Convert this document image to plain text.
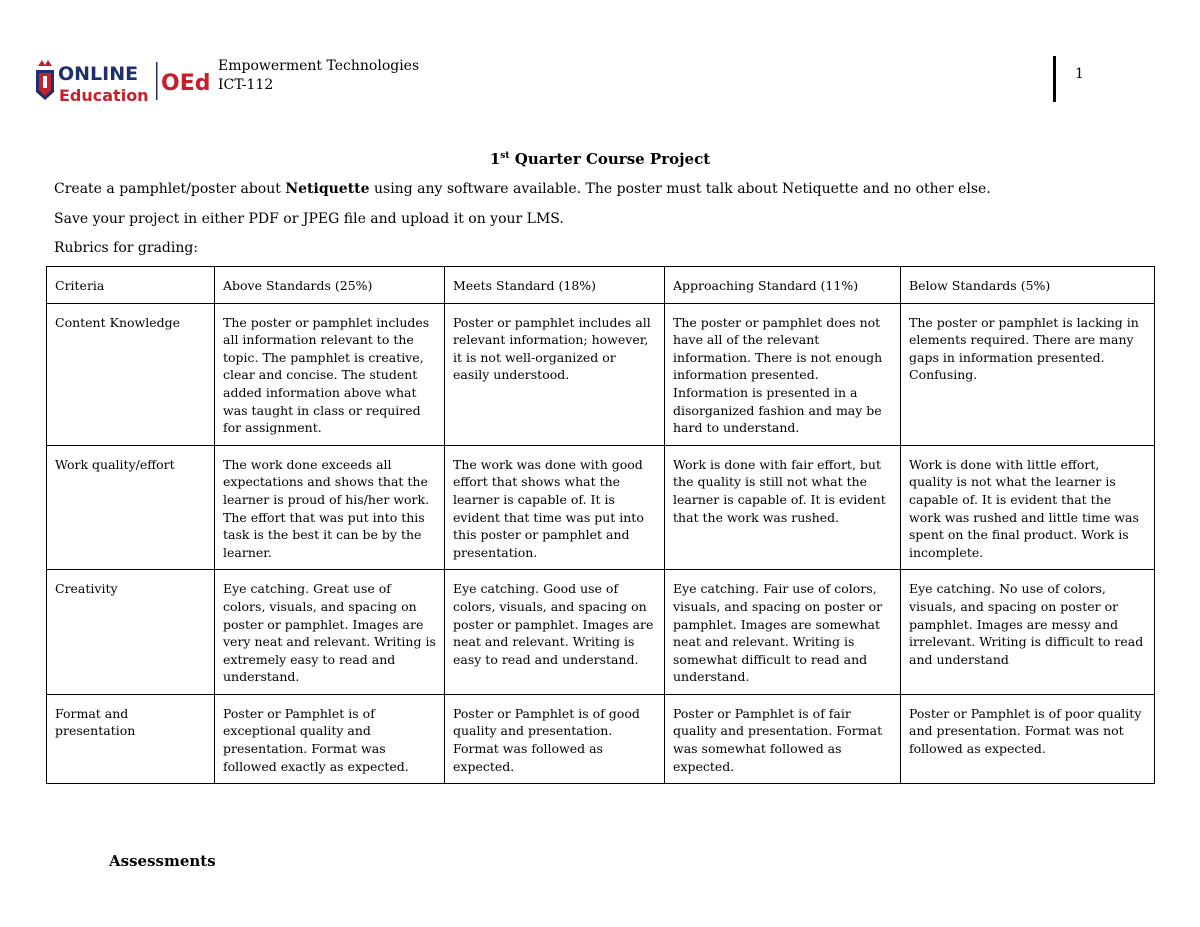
ONLINE
Education OEd
Empowerment Technologies
ICT-112
1
1st Quarter Course Project
Create a pamphlet/poster about Netiquette using any software available. The poster must talk about Netiquette and no other else.
Save your project in either PDF or JPEG file and upload it on your LMS.
Rubrics for grading:
Criteria	Above Standards (25%)	Meets Standard (18%)	Approaching Standard (11%)	Below Standards (5%)
Content Knowledge	The poster or pamphlet includes all information relevant to the topic. The pamphlet is creative, clear and concise. The student added information above what was taught in class or required for assignment.	Poster or pamphlet includes all relevant information; however, it is not well-organized or easily understood.	The poster or pamphlet does not have all of the relevant information. There is not enough information presented. Information is presented in a disorganized fashion and may be hard to understand.	The poster or pamphlet is lacking in elements required. There are many gaps in information presented. Confusing.
Work quality/effort	The work done exceeds all expectations and shows that the learner is proud of his/her work. The effort that was put into this task is the best it can be by the learner.	The work was done with good effort that shows what the learner is capable of. It is evident that time was put into this poster or pamphlet and presentation.	Work is done with fair effort, but the quality is still not what the learner is capable of. It is evident that the work was rushed.	Work is done with little effort, quality is not what the learner is capable of. It is evident that the work was rushed and little time was spent on the final product. Work is incomplete.
Creativity	Eye catching. Great use of colors, visuals, and spacing on poster or pamphlet. Images are very neat and relevant. Writing is extremely easy to read and understand.	Eye catching. Good use of colors, visuals, and spacing on poster or pamphlet. Images are neat and relevant. Writing is easy to read and understand.	Eye catching. Fair use of colors, visuals, and spacing on poster or pamphlet. Images are somewhat neat and relevant. Writing is somewhat difficult to read and understand.	Eye catching. No use of colors, visuals, and spacing on poster or pamphlet. Images are messy and irrelevant. Writing is difficult to read and understand
Format and presentation	Poster or Pamphlet is of exceptional quality and presentation. Format was followed exactly as expected.	Poster or Pamphlet is of good quality and presentation. Format was followed as expected.	Poster or Pamphlet is of fair quality and presentation. Format was somewhat followed as expected.	Poster or Pamphlet is of poor quality and presentation. Format was not followed as expected.
Assessments
